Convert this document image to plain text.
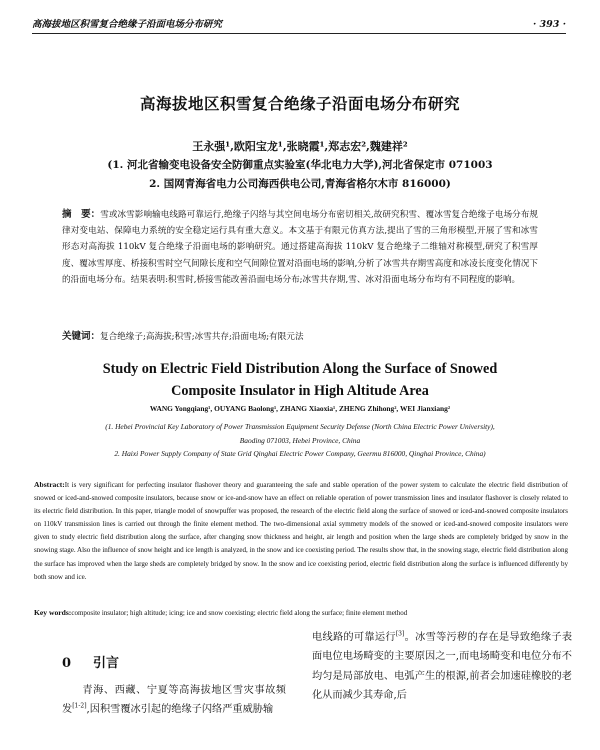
高海拔地区积雪复合绝缘子沿面电场分布研究	· 393 ·
高海拔地区积雪复合绝缘子沿面电场分布研究
王永强¹,欧阳宝龙¹,张晓霞¹,郑志宏²,魏建祥²
(1. 河北省输变电设备安全防御重点实验室(华北电力大学),河北省保定市 071003
2. 国网青海省电力公司海西供电公司,青海省格尔木市 816000)
摘　要：雪或冰雪影响输电线路可靠运行,绝缘子闪络与其空间电场分布密切相关,故研究积雪、覆冰雪复合绝缘子电场分布规律对变电站、保障电力系统的安全稳定运行具有重大意义。本文基于有限元仿真方法,提出了雪的三角形模型,开展了雪和冰雪形态对高海拔 110kV 复合绝缘子沿面电场的影响研究。通过搭建高海拔 110kV 复合绝缘子二维轴对称模型,研究了积雪厚度、覆冰雪厚度、桥接积雪时空气间隙长度和空气间隙位置对沿面电场的影响,分析了冰雪共存期雪高度和冰凌长度变化情况下的沿面电场分布。结果表明:积雪时,桥接雪能改善沿面电场分布;冰雪共存期,雪、冰对沿面电场分布均有不同程度的影响。
关键词：复合绝缘子;高海拔;积雪;冰雪共存;沿面电场;有限元法
Study on Electric Field Distribution Along the Surface of Snowed
Composite Insulator in High Altitude Area
WANG Yongqiang¹, OUYANG Baolong¹, ZHANG Xiaoxia¹, ZHENG Zhihong², WEI Jianxiang²
(1. Hebei Provincial Key Laboratory of Power Transmission Equipment Security Defense (North China Electric Power University),
Baoding 071003, Hebei Province, China
2. Haixi Power Supply Company of State Grid Qinghai Electric Power Company, Geermu 816000, Qinghai Province, China)
Abstract:It is very significant for perfecting insulator flashover theory and guaranteeing the safe and stable operation of the power system to calculate the electric field distribution of snowed or iced-and-snowed composite insulators, because snow or ice-and-snow have an effect on reliable operation of power transmission lines and insulator flashover is closely related to its electric field distribution. In this paper, triangle model of snowpuffer was proposed, the research of the electric field along the surface of snowed or iced-and-snowed composite insulators on 110kV transmission lines is carried out through the finite element method. The two-dimensional axial symmetry models of the snowed or iced-and-snowed composite insulators were given to study electric field distribution along the surface, after changing snow thickness and height, air length and position when the large sheds are completely bridged by snow in the snowing stage. Also the influence of snow height and ice length is analyzed, in the snow and ice coexisting period. The results show that, in the snowing stage, electric field distribution along the surface has improved when the large sheds are completely bridged by snow. In the snow and ice coexisting period, electric field distribution along the surface is influenced differently by both snow and ice.
Key words:composite insulator; high altitude; icing; ice and snow coexisting; electric field along the surface; finite element method
0 引言
青海、西藏、宁夏等高海拔地区雪灾事故频发[1-2],因积雪覆冰引起的绝缘子闪络严重威胁输
电线路的可靠运行[3]。冰雪等污秽的存在是导致绝缘子表面电位电场畸变的主要原因之一,而电场畸变和电位分布不均匀是局部放电、电弧产生的根源,前者会加速硅橡胶的老化从而减少其寿命,后
